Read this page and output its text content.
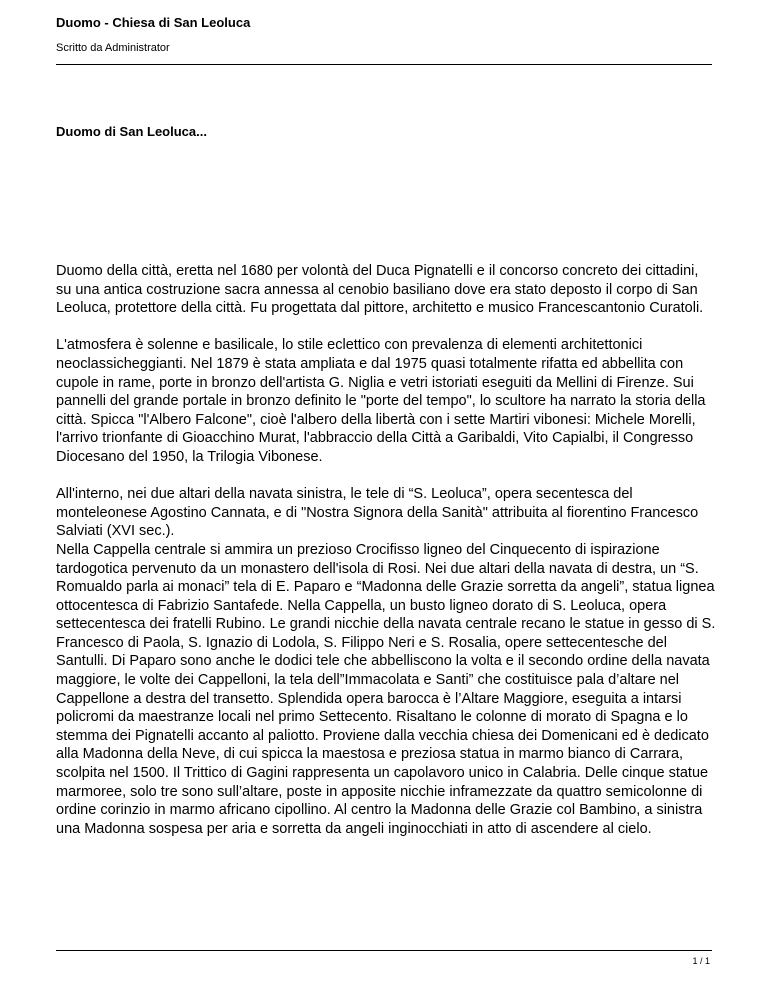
Duomo - Chiesa di San Leoluca
Scritto da Administrator
Duomo di San Leoluca...

Duomo della città, eretta nel 1680 per volontà del Duca Pignatelli e il concorso concreto dei cittadini, su una antica costruzione sacra annessa al cenobio basiliano dove era stato deposto il corpo di San Leoluca, protettore della città. Fu progettata dal pittore, architetto e musico Francescantonio Curatoli.

L'atmosfera è solenne e basilicale, lo stile eclettico con prevalenza di elementi architettonici neoclassicheggianti. Nel 1879 è stata ampliata e dal 1975 quasi totalmente rifatta ed abbellita con cupole in rame, porte in bronzo dell'artista G. Niglia e vetri istoriati eseguiti da Mellini di Firenze. Sui pannelli del grande portale in bronzo definito le "porte del tempo", lo scultore ha narrato la storia della città. Spicca "l'Albero Falcone", cioè l'albero della libertà con i sette Martiri vibonesi: Michele Morelli, l'arrivo trionfante di Gioacchino Murat, l'abbraccio della Città a Garibaldi, Vito Capialbi, il Congresso Diocesano del 1950, la Trilogia Vibonese.

All'interno, nei due altari della navata sinistra, le tele di “S. Leoluca”, opera secentesca del monteleonese Agostino Cannata, e di "Nostra Signora della Sanità" attribuita al fiorentino Francesco Salviati (XVI sec.).

Nella Cappella centrale si ammira un prezioso Crocifisso ligneo del Cinquecento di ispirazione tardogotica pervenuto da un monastero dell'isola di Rosi. Nei due altari della navata di destra, un “S. Romualdo parla ai monaci” tela di E. Paparo e “Madonna delle Grazie sorretta da angeli”, statua lignea ottocentesca di Fabrizio Santafede. Nella Cappella, un busto ligneo dorato di S. Leoluca, opera settecentesca dei fratelli Rubino. Le grandi nicchie della navata centrale recano le statue in gesso di S. Francesco di Paola, S. Ignazio di Lodola, S. Filippo Neri e S. Rosalia, opere settecentesche del Santulli. Di Paparo sono anche le dodici tele che abbelliscono la volta e il secondo ordine della navata maggiore, le volte dei Cappelloni, la tela dell”Immacolata e Santi” che costituisce pala d’altare nel Cappellone a destra del transetto. Splendida opera barocca è l’Altare Maggiore, eseguita a intarsi policromi da maestranze locali nel primo Settecento. Risaltano le colonne di morato di Spagna e lo stemma dei Pignatelli accanto al paliotto. Proviene dalla vecchia chiesa dei Domenicani ed è dedicato alla Madonna della Neve, di cui spicca la maestosa e preziosa statua in marmo bianco di Carrara, scolpita nel 1500. Il Trittico di Gagini rappresenta un capolavoro unico in Calabria. Delle cinque statue marmoree, solo tre sono sull’altare, poste in apposite nicchie inframezzate da quattro semicolonne di ordine corinzio in marmo africano cipollino. Al centro la Madonna delle Grazie col Bambino, a sinistra una Madonna sospesa per aria e sorretta da angeli inginocchiati in atto di ascendere al cielo.

1 / 1
